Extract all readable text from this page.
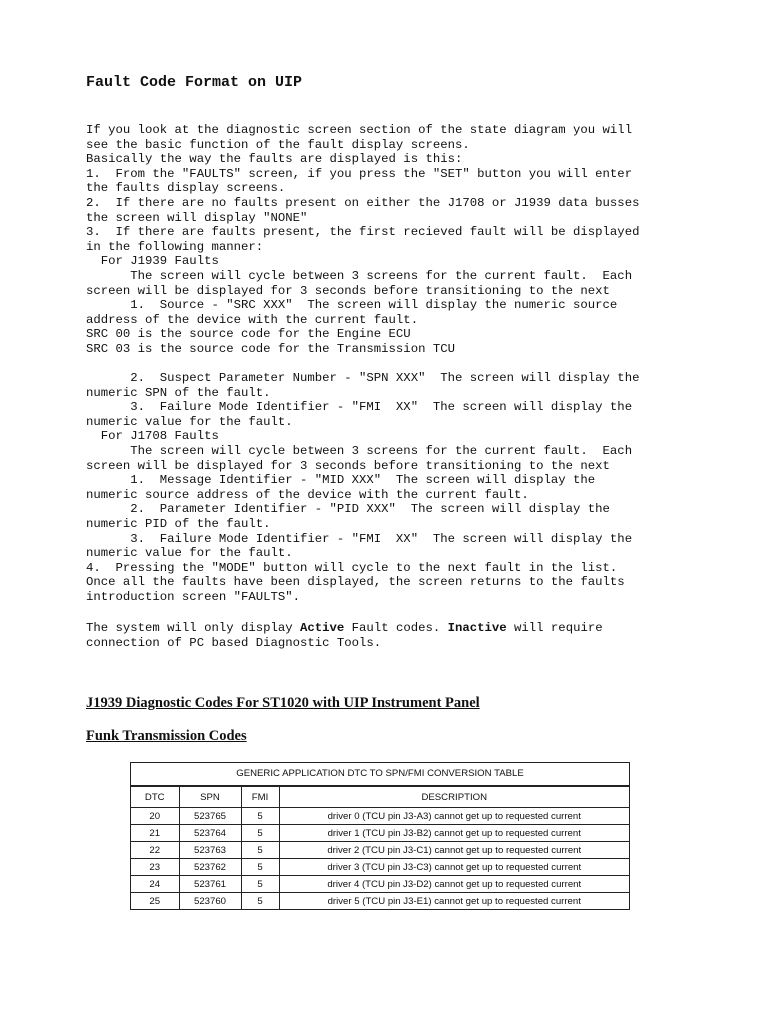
Fault Code Format on UIP
If you look at the diagnostic screen section of the state diagram you will
see the basic function of the fault display screens.
Basically the way the faults are displayed is this:
1.  From the "FAULTS" screen, if you press the "SET" button you will enter
the faults display screens.
2.  If there are no faults present on either the J1708 or J1939 data busses
the screen will display "NONE"
3.  If there are faults present, the first recieved fault will be displayed
in the following manner:
For J1939 Faults
The screen will cycle between 3 screens for the current fault.  Each
screen will be displayed for 3 seconds before transitioning to the next
1.  Source - "SRC XXX"  The screen will display the numeric source
address of the device with the current fault.
SRC 00 is the source code for the Engine ECU
SRC 03 is the source code for the Transmission TCU

2.  Suspect Parameter Number - "SPN XXX"  The screen will display the
numeric SPN of the fault.
3.  Failure Mode Identifier - "FMI  XX"  The screen will display the
numeric value for the fault.
For J1708 Faults
The screen will cycle between 3 screens for the current fault.  Each
screen will be displayed for 3 seconds before transitioning to the next
1.  Message Identifier - "MID XXX"  The screen will display the
numeric source address of the device with the current fault.
2.  Parameter Identifier - "PID XXX"  The screen will display the
numeric PID of the fault.
3.  Failure Mode Identifier - "FMI  XX"  The screen will display the
numeric value for the fault.
4.  Pressing the "MODE" button will cycle to the next fault in the list.
Once all the faults have been displayed, the screen returns to the faults
introduction screen "FAULTS".
The system will only display Active Fault codes. Inactive will require
connection of PC based Diagnostic Tools.
J1939 Diagnostic Codes For ST1020 with UIP Instrument Panel
Funk Transmission Codes
GENERIC APPLICATION DTC TO SPN/FMI CONVERSION TABLE
DTC	SPN	FMI	DESCRIPTION
20	523765	5	driver 0 (TCU pin J3-A3) cannot get up to requested current
21	523764	5	driver 1 (TCU pin J3-B2) cannot get up to requested current
22	523763	5	driver 2 (TCU pin J3-C1) cannot get up to requested current
23	523762	5	driver 3 (TCU pin J3-C3) cannot get up to requested current
24	523761	5	driver 4 (TCU pin J3-D2) cannot get up to requested current
25	523760	5	driver 5 (TCU pin J3-E1) cannot get up to requested current
